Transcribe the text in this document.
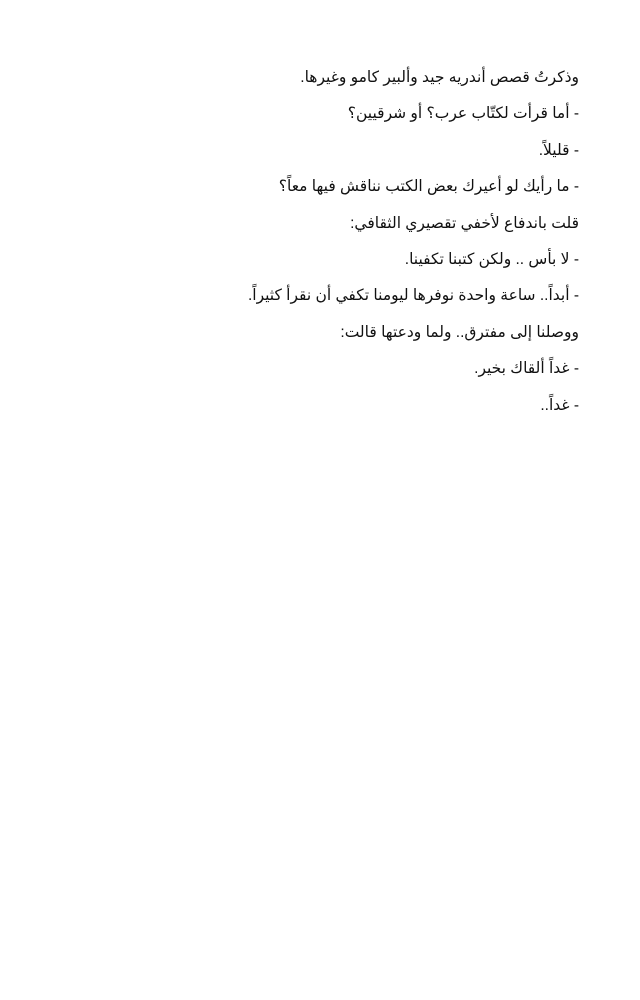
وذكرتُ قصص أندريه جيد وألبير كامو وغيرها.
- أما قرأت لكتّاب عرب؟ أو شرقيين؟
- قليلاً.
- ما رأيك لو أعيرك بعض الكتب نناقش فيها معاً؟
قلت باندفاع لأخفي تقصيري الثقافي:
- لا بأس .. ولكن كتبنا تكفينا.
- أبداً.. ساعة واحدة نوفرها ليومنا تكفي أن نقرأ كثيراً.
ووصلنا إلى مفترق.. ولما ودعتها قالت:
- غداً ألقاك بخير.
- غداً..
